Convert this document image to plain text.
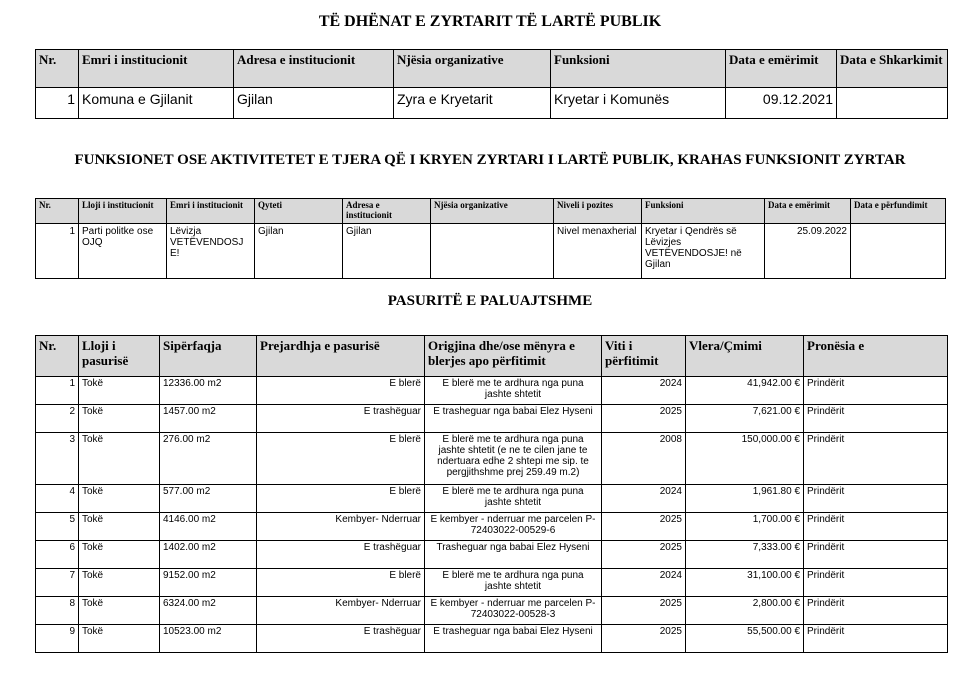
TË DHËNAT E ZYRTARIT TË LARTË PUBLIK
Nr.	Emri i institucionit	Adresa e institucionit	Njësia organizative	Funksioni	Data e emërimit	Data e Shkarkimit
1	Komuna e Gjilanit	Gjilan	Zyra e Kryetarit	Kryetar i Komunës	09.12.2021	
FUNKSIONET OSE AKTIVITETET E TJERA QË I KRYEN ZYRTARI I LARTË PUBLIK, KRAHAS FUNKSIONIT ZYRTAR
Nr.	Lloji i institucionit	Emri i institucionit	Qyteti	Adresa e institucionit	Njësia organizative	Niveli i pozites	Funksioni	Data e emërimit	Data e përfundimit
1	Parti politke ose OJQ	Lëvizja VETËVENDOSJ E!	Gjilan	Gjilan		Nivel menaxherial	Kryetar i Qendrës së Lëvizjes VETËVENDOSJE! në Gjilan	25.09.2022	
PASURITË E PALUAJTSHME
Nr.	Lloji i pasurisë	Sipërfaqja	Prejardhja e pasurisë	Origjina dhe/ose mënyra e blerjes apo përfitimit	Viti i përfitimit	Vlera/Çmimi	Pronësia e
1	Tokë	12336.00 m2	E blerë	E blerë me te ardhura nga puna jashte shtetit	2024	41,942.00 €	Prindërit
2	Tokë	1457.00 m2	E trashëguar	E trasheguar nga babai Elez Hyseni	2025	7,621.00 €	Prindërit
3	Tokë	276.00 m2	E blerë	E blerë me te ardhura nga puna jashte shtetit (e ne te cilen jane te ndertuara edhe 2 shtepi me sip. te pergjithshme prej 259.49 m.2)	2008	150,000.00 €	Prindërit
4	Tokë	577.00 m2	E blerë	E blerë me te ardhura nga puna jashte shtetit	2024	1,961.80 €	Prindërit
5	Tokë	4146.00 m2	Kembyer- Nderruar	E kembyer - nderruar me parcelen P-72403022-00529-6	2025	1,700.00 €	Prindërit
6	Tokë	1402.00 m2	E trashëguar	Trasheguar nga babai Elez Hyseni	2025	7,333.00 €	Prindërit
7	Tokë	9152.00 m2	E blerë	E blerë me te ardhura nga puna jashte shtetit	2024	31,100.00 €	Prindërit
8	Tokë	6324.00 m2	Kembyer- Nderruar	E kembyer - nderruar me parcelen P-72403022-00528-3	2025	2,800.00 €	Prindërit
9	Tokë	10523.00 m2	E trashëguar	E trasheguar nga babai Elez Hyseni	2025	55,500.00 €	Prindërit
